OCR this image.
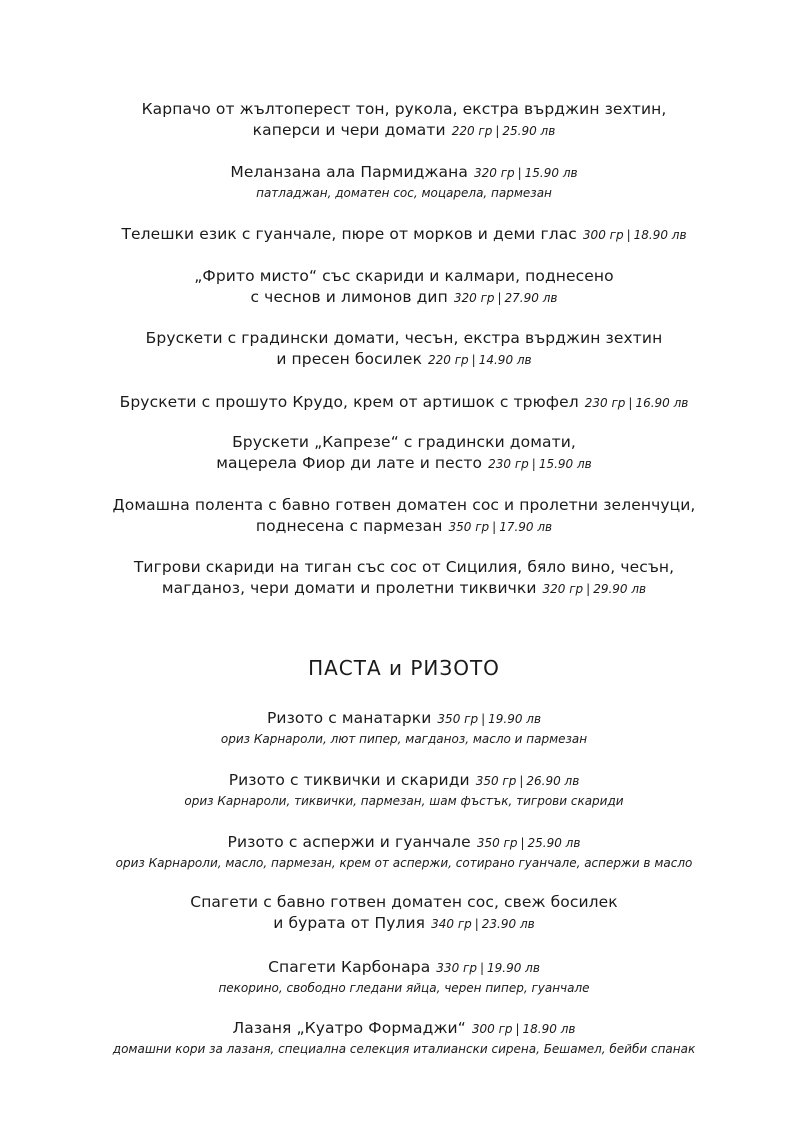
Карпачо от жълтоперест тон, рукола, екстра върджин зехтин,
каперси и чери домати 220 гр | 25.90 лв
Меланзана ала Пармиджана 320 гр | 15.90 лв
патладжан, доматен сос, моцарела, пармезан
Телешки език с гуанчале, пюре от морков и деми глас 300 гр | 18.90 лв
„Фрито мисто“ със скариди и калмари, поднесено
с чеснов и лимонов дип 320 гр | 27.90 лв
Брускети с градински домати, чесън, екстра върджин зехтин
и пресен босилек 220 гр | 14.90 лв
Брускети с прошуто Крудо, крем от артишок с трюфел 230 гр | 16.90 лв
Брускети „Капрезе“ с градински домати,
мацерела Фиор ди лате и песто 230 гр | 15.90 лв
Домашна полента с бавно готвен доматен сос и пролетни зеленчуци,
поднесена с пармезан 350 гр | 17.90 лв
Тигрови скариди на тиган със сос от Сицилия, бяло вино, чесън,
магданоз, чери домати и пролетни тиквички 320 гр | 29.90 лв
ПАСТА и РИЗОТО
Ризото с манатарки 350 гр | 19.90 лв
ориз Карнароли, лют пипер, магданоз, масло и пармезан
Ризото с тиквички и скариди 350 гр | 26.90 лв
ориз Карнароли, тиквички, пармезан, шам фъстък, тигрови скариди
Ризото с аспержи и гуанчале 350 гр | 25.90 лв
ориз Карнароли, масло, пармезан, крем от аспержи, сотирано гуанчале, аспержи в масло
Спагети с бавно готвен доматен сос, свеж босилек
и бурата от Пулия 340 гр | 23.90 лв
Спагети Карбонара 330 гр | 19.90 лв
пекорино, свободно гледани яйца, черен пипер, гуанчале
Лазаня „Куатро Формаджи“ 300 гр | 18.90 лв
домашни кори за лазаня, специална селекция италиански сирена, Бешамел, бейби спанак
